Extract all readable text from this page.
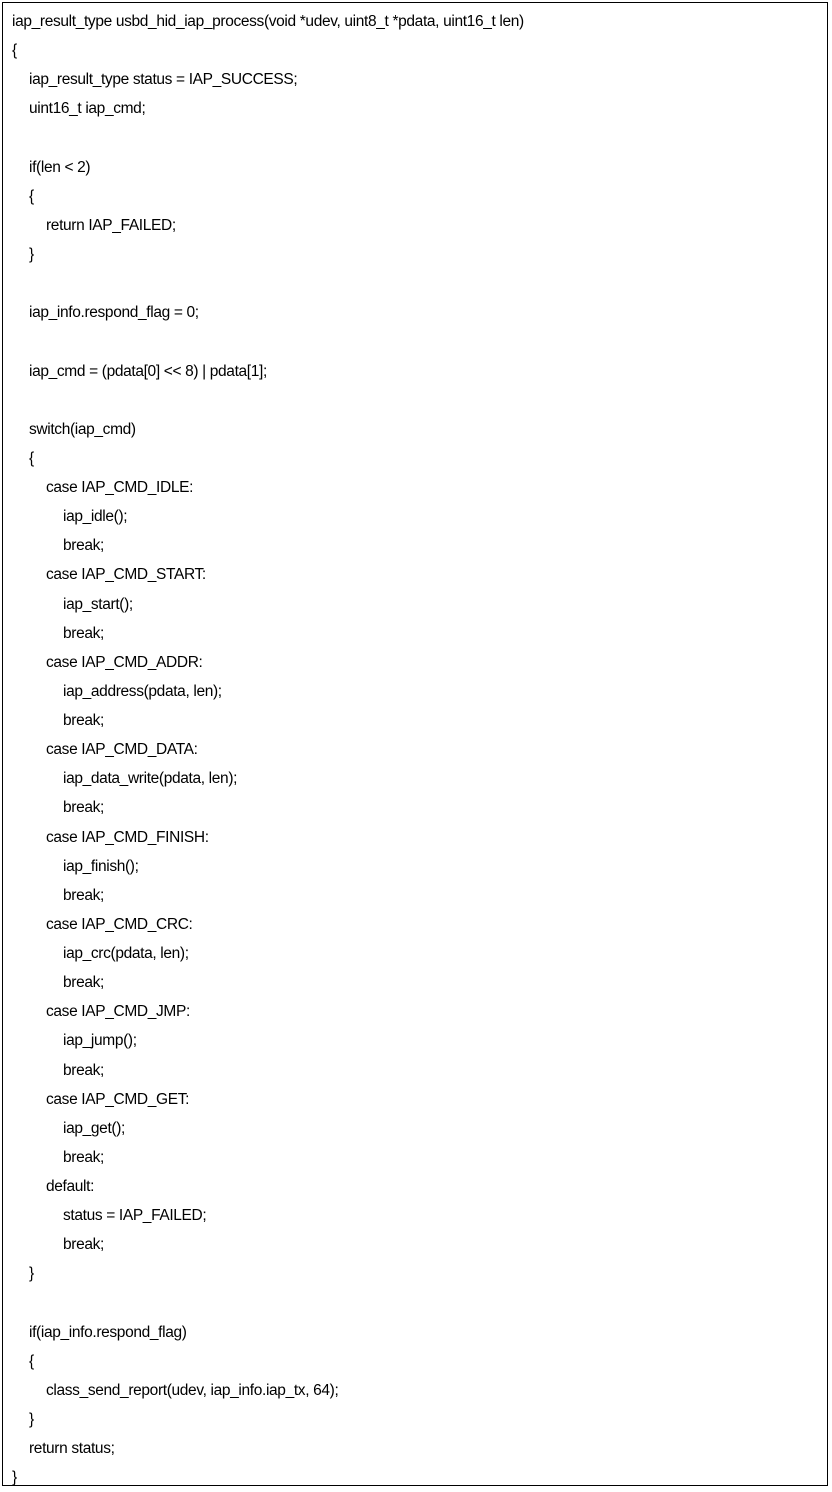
iap_result_type usbd_hid_iap_process(void *udev, uint8_t *pdata, uint16_t len)
{
iap_result_type status = IAP_SUCCESS;
uint16_t iap_cmd;
if(len < 2)
{
return IAP_FAILED;
}
iap_info.respond_flag = 0;
iap_cmd = (pdata[0] << 8) | pdata[1];
switch(iap_cmd)
{
case IAP_CMD_IDLE:
iap_idle();
break;
case IAP_CMD_START:
iap_start();
break;
case IAP_CMD_ADDR:
iap_address(pdata, len);
break;
case IAP_CMD_DATA:
iap_data_write(pdata, len);
break;
case IAP_CMD_FINISH:
iap_finish();
break;
case IAP_CMD_CRC:
iap_crc(pdata, len);
break;
case IAP_CMD_JMP:
iap_jump();
break;
case IAP_CMD_GET:
iap_get();
break;
default:
status = IAP_FAILED;
break;
}
if(iap_info.respond_flag)
{
class_send_report(udev, iap_info.iap_tx, 64);
}
return status;
}
